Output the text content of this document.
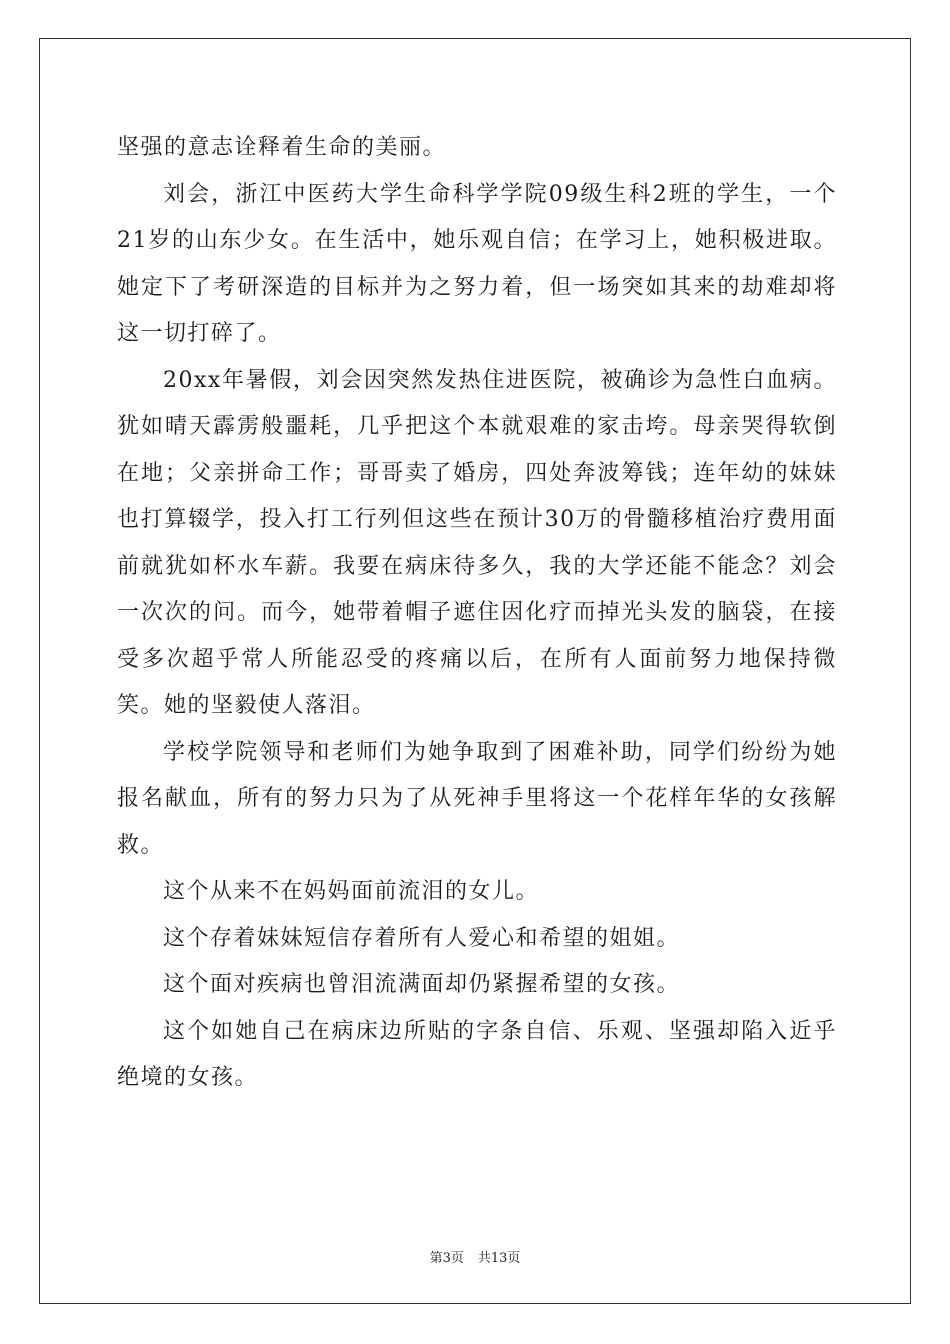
坚强的意志诠释着生命的美丽。

刘会，浙江中医药大学生命科学学院09级生科2班的学生，一个21岁的山东少女。在生活中，她乐观自信；在学习上，她积极进取。她定下了考研深造的目标并为之努力着，但一场突如其来的劫难却将这一切打碎了。

20xx年暑假，刘会因突然发热住进医院，被确诊为急性白血病。犹如晴天霹雳般噩耗，几乎把这个本就艰难的家击垮。母亲哭得软倒在地；父亲拼命工作；哥哥卖了婚房，四处奔波筹钱；连年幼的妹妹也打算辍学，投入打工行列但这些在预计30万的骨髓移植治疗费用面前就犹如杯水车薪。我要在病床待多久，我的大学还能不能念？刘会一次次的问。而今，她带着帽子遮住因化疗而掉光头发的脑袋，在接受多次超乎常人所能忍受的疼痛以后，在所有人面前努力地保持微笑。她的坚毅使人落泪。

学校学院领导和老师们为她争取到了困难补助，同学们纷纷为她报名献血，所有的努力只为了从死神手里将这一个花样年华的女孩解救。

这个从来不在妈妈面前流泪的女儿。

这个存着妹妹短信存着所有人爱心和希望的姐姐。

这个面对疾病也曾泪流满面却仍紧握希望的女孩。

这个如她自己在病床边所贴的字条自信、乐观、坚强却陷入近乎绝境的女孩。

第3页 共13页
